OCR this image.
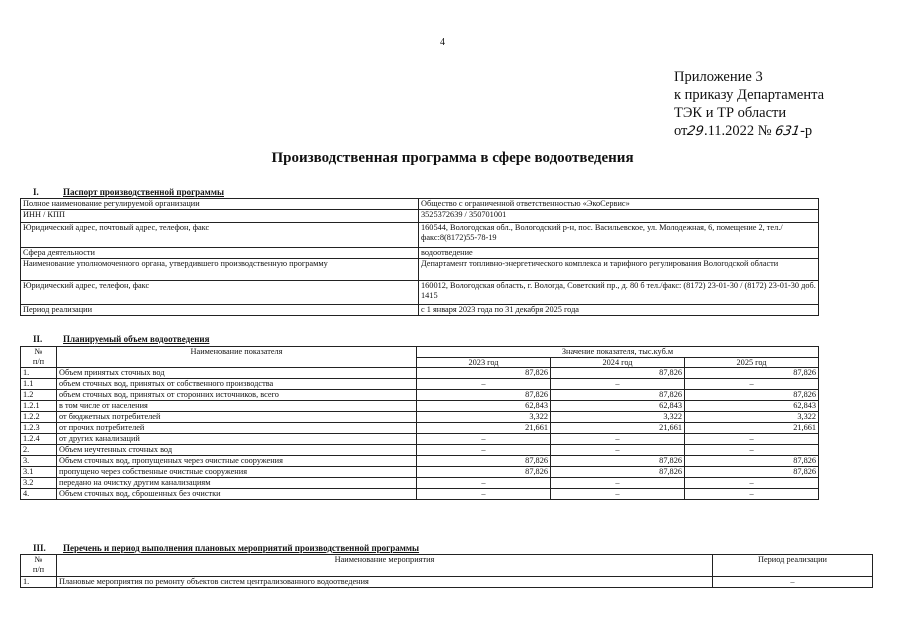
4
Приложение 3
к приказу Департамента
ТЭК и ТР области
от29.11.2022 № 631-р
Производственная программа в сфере водоотведения
I.	Паспорт производственной программы
Полное наименование регулируемой организации	Общество с ограниченной ответственностью «ЭкоСервис»
ИНН / КПП	3525372639 / 350701001
Юридический адрес, почтовый адрес, телефон, факс	160544, Вологодская обл., Вологодский р-н, пос. Васильевское, ул. Молодежная, 6, помещение 2, тел./факс:8(8172)55-78-19
Сфера деятельности	водоотведение
Наименование уполномоченного органа, утвердившего производственную программу	Департамент топливно-энергетического комплекса и тарифного регулирования Вологодской области
Юридический адрес, телефон, факс	160012, Вологодская область, г. Вологда, Советский пр., д. 80 б тел./факс: (8172) 23-01-30 / (8172) 23-01-30 доб. 1415
Период реализации	с 1 января 2023 года по 31 декабря 2025 года
II. Планируемый объем водоотведения
№
п/п	Наименование показателя	Значение показателя, тыс.куб.м		
		2023 год	2024 год	2025 год
1.	Объем принятых сточных вод	87,826	87,826	87,826
1.1	объем сточных вод, принятых от собственного производства	–	–	–
1.2	объем сточных вод, принятых от сторонних источников, всего	87,826	87,826	87,826
1.2.1	в том числе от населения	62,843	62,843	62,843
1.2.2	от бюджетных потребителей	3,322	3,322	3,322
1.2.3	от прочих потребителей	21,661	21,661	21,661
1.2.4	от других канализаций	–	–	–
2.	Объем неучтенных сточных вод	–	–	–
3.	Объем сточных вод, пропущенных через очистные сооружения	87,826	87,826	87,826
3.1	пропущено через собственные очистные сооружения	87,826	87,826	87,826
3.2	передано на очистку другим канализациям	–	–	–
4.	Объем сточных вод, сброшенных без очистки	–	–	–
III. Перечень и период выполнения плановых мероприятий производственной программы
№
п/п	Наименование мероприятия	Период реализации
1.	Плановые мероприятия по ремонту объектов систем централизованного водоотведения	–
